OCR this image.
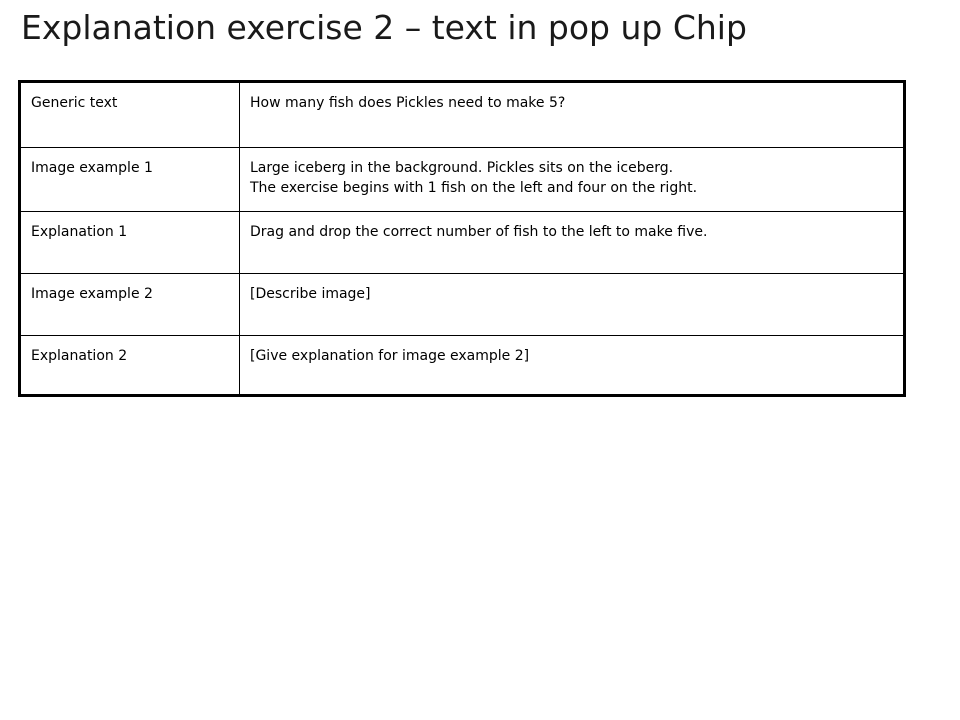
Explanation exercise 2 – text in pop up Chip
Generic text	How many fish does Pickles need to make 5?

Image example 1	Large iceberg in the background. Pickles sits on the iceberg.
The exercise begins with 1 fish on the left and four on the right.

Explanation 1	Drag and drop the correct number of fish to the left to make five.

Image example 2	[Describe image]

Explanation 2	[Give explanation for image example 2]
